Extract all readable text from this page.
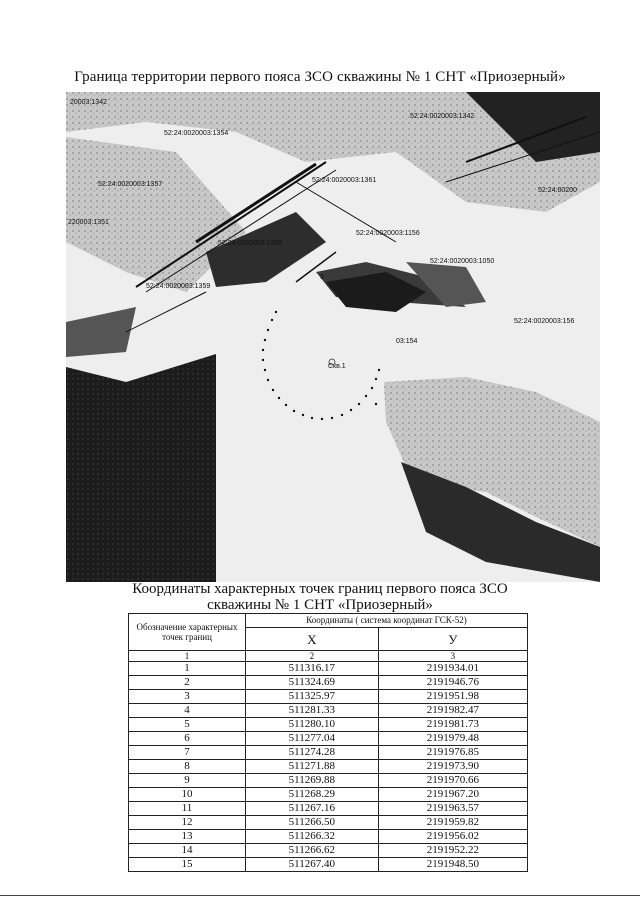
Граница территории первого пояса ЗСО скважины № 1 СНТ «Приозерный»
20003:1342
52:24:0020003:1354
52:24:0020003:1342
52:24:0020003:1357
52:24:0020003:1361
52:24:00200
220003:1351
52:24:0020003:1358
52:24:0020003:1156
52:24:0020003:1050
52:24:0020003:1359
52:24:0020003:156
03:154
9
Скв.1
Координаты характерных точек границ первого пояса ЗСО
скважины № 1 СНТ «Приозерный»
Обозначение характерных точек границ	Координаты ( система координат ГСК-52)	
	X	У
1	2	3
1	511316.17	2191934.01
2	511324.69	2191946.76
3	511325.97	2191951.98
4	511281.33	2191982.47
5	511280.10	2191981.73
6	511277.04	2191979.48
7	511274.28	2191976.85
8	511271.88	2191973.90
9	511269.88	2191970.66
10	511268.29	2191967.20
11	511267.16	2191963.57
12	511266.50	2191959.82
13	511266.32	2191956.02
14	511266.62	2191952.22
15	511267.40	2191948.50
